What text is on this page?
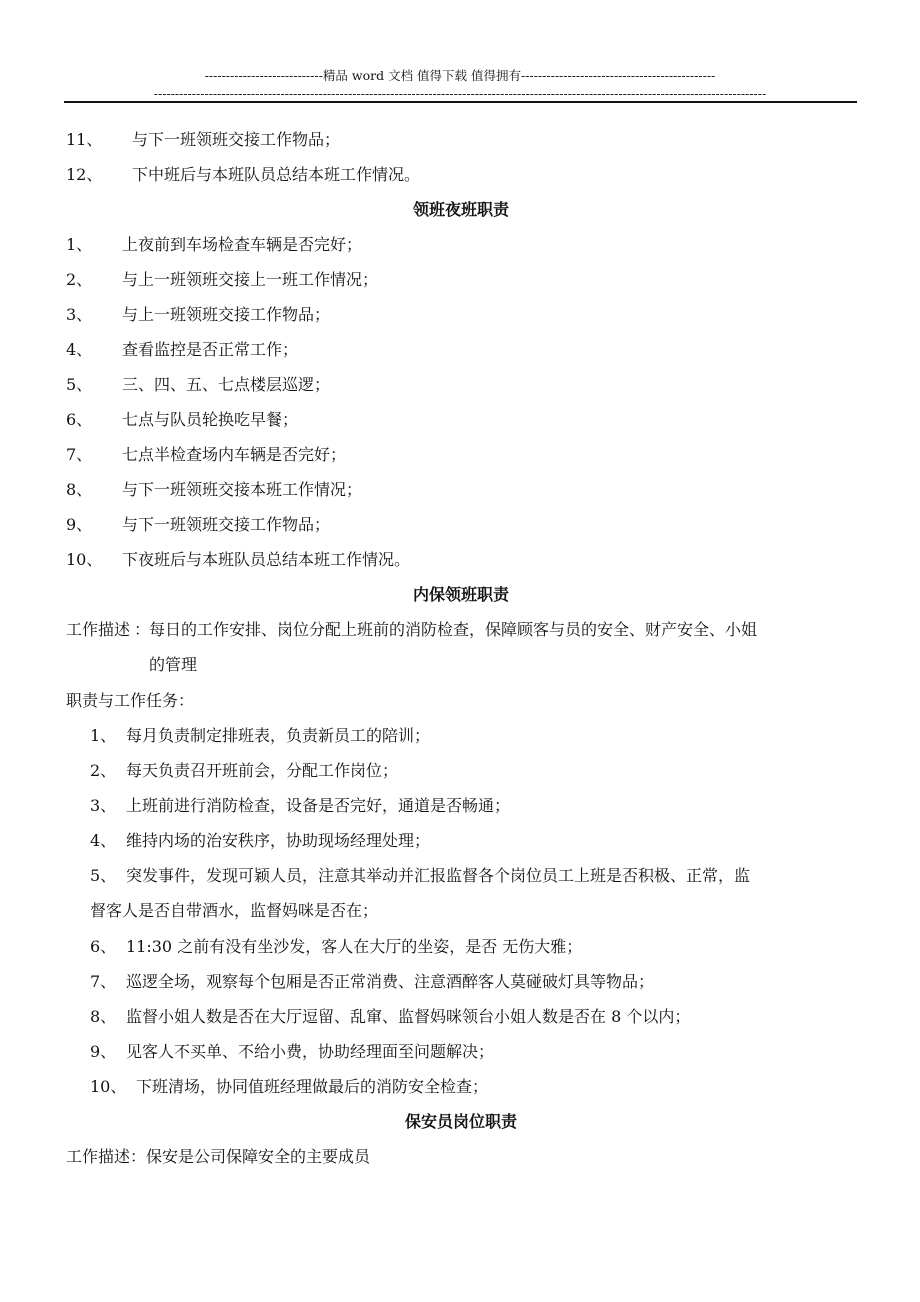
----------------------------精品 word 文档 值得下载 值得拥有----------------------------------------------
-------------------------------------------------------------------------------------------------------------------------------------------------
11、 与下一班领班交接工作物品；
12、 下中班后与本班队员总结本班工作情况。
领班夜班职责
1、 上夜前到车场检查车辆是否完好；
2、 与上一班领班交接上一班工作情况；
3、 与上一班领班交接工作物品；
4、 查看监控是否正常工作；
5、 三、四、五、七点楼层巡逻；
6、 七点与队员轮换吃早餐；
7、 七点半检查场内车辆是否完好；
8、 与下一班领班交接本班工作情况；
9、 与下一班领班交接工作物品；
10、 下夜班后与本班队员总结本班工作情况。
内保领班职责
工作描述 ：
每日的工作安排、岗位分配上班前的消防检查，保障顾客与员的安全、财产安全、小姐
的管理
职责与工作任务：
1、 每月负责制定排班表，负责新员工的陪训；
2、 每天负责召开班前会，分配工作岗位；
3、 上班前进行消防检查，设备是否完好，通道是否畅通；
4、 维持内场的治安秩序，协助现场经理处理；
5、 突发事件，发现可颖人员，注意其举动并汇报监督各个岗位员工上班是否积极、正常，监
督客人是否自带酒水，监督妈咪是否在；
6、 11:30 之前有没有坐沙发，客人在大厅的坐姿，是否 无伤大雅；
7、 巡逻全场，观察每个包厢是否正常消费、注意酒醉客人莫碰破灯具等物品；
8、 监督小姐人数是否在大厅逗留、乱窜、监督妈咪领台小姐人数是否在 8 个以内；
9、 见客人不买单、不给小费，协助经理面至问题解决；
10、 下班清场，协同值班经理做最后的消防安全检查；
保安员岗位职责
工作描述：保安是公司保障安全的主要成员
